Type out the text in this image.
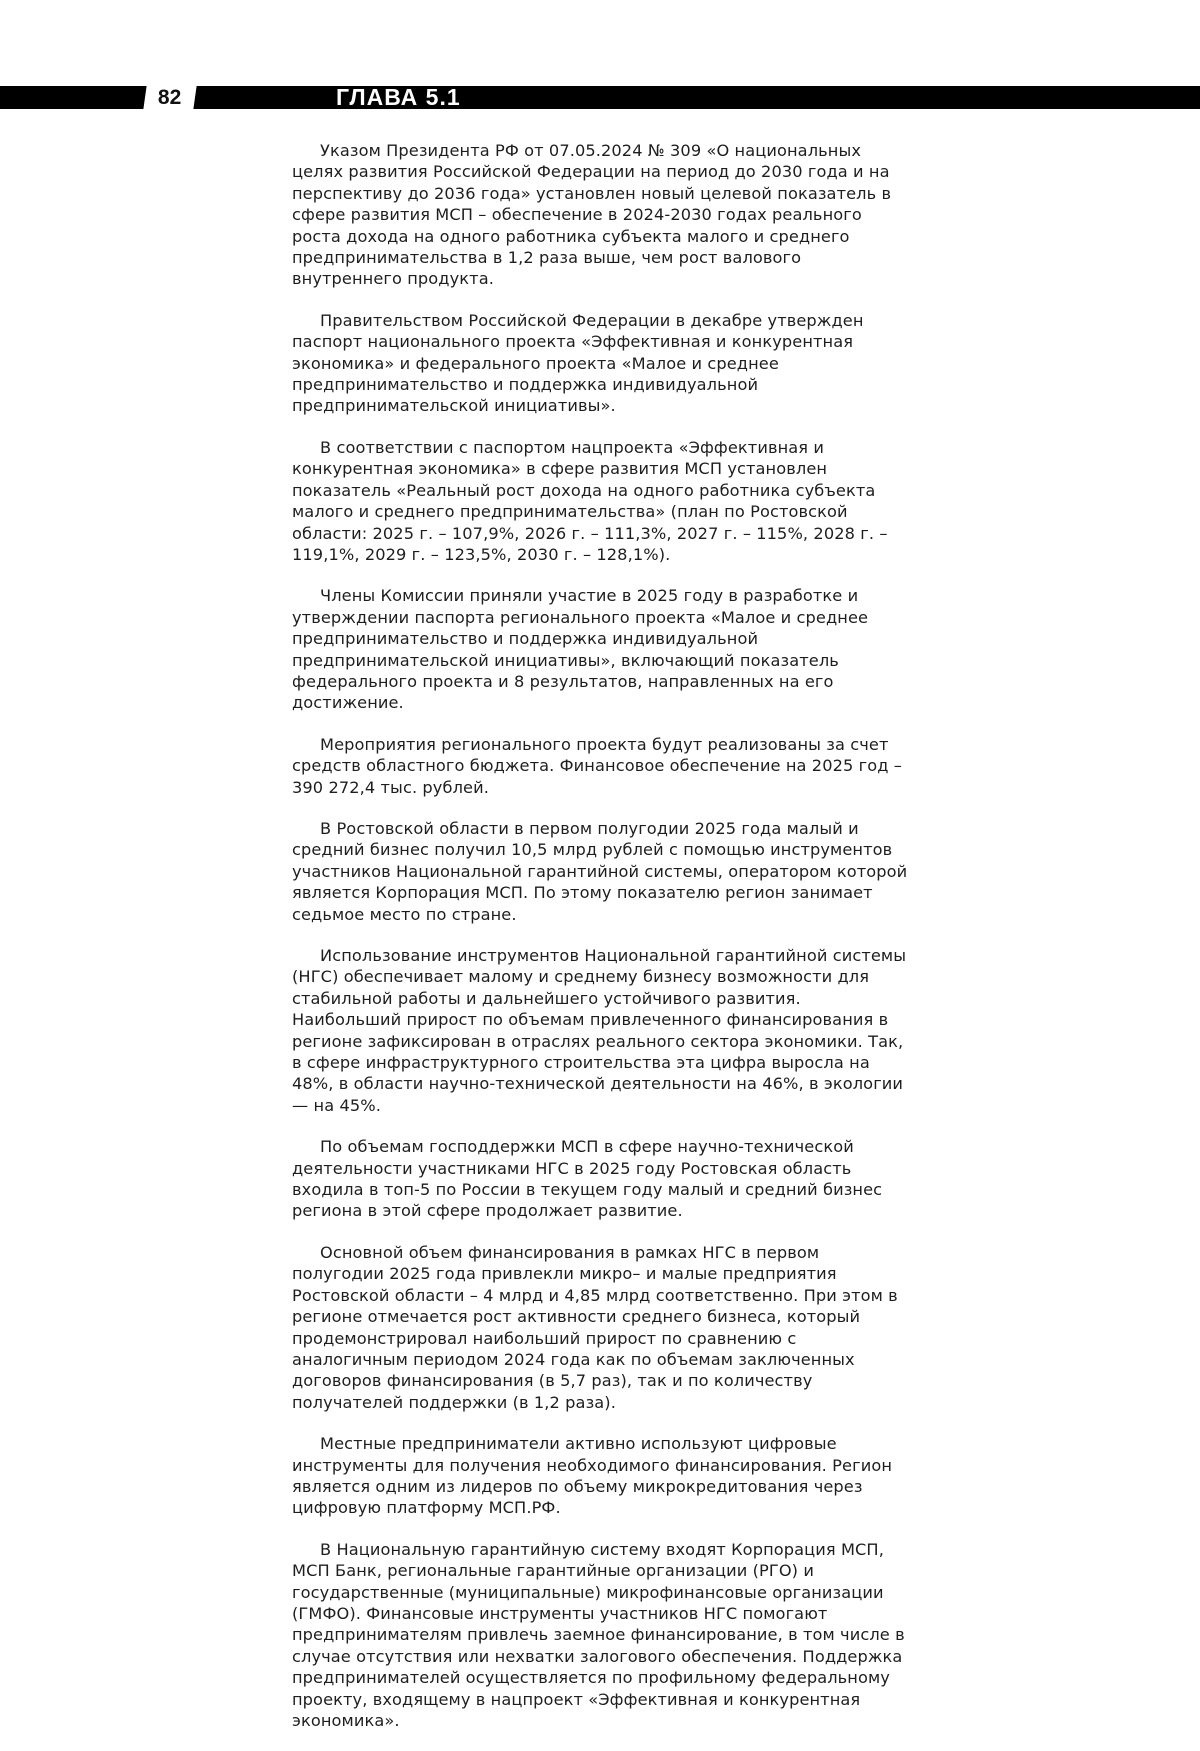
82	ГЛАВА 5.1

Указом Президента РФ от 07.05.2024 № 309 «О национальных целях развития Российской Федерации на период до 2030 года и на перспективу до 2036 года» установлен новый целевой показатель в сфере развития МСП – обеспечение в 2024-2030 годах реального роста дохода на одного работника субъекта малого и среднего предпринимательства в 1,2 раза выше, чем рост валового внутреннего продукта.

Правительством Российской Федерации в декабре утвержден паспорт национального проекта «Эффективная и конкурентная экономика» и федерального проекта «Малое и среднее предпринимательство и поддержка индивидуальной предпринимательской инициативы».

В соответствии с паспортом нацпроекта «Эффективная и конкурентная экономика» в сфере развития МСП установлен показатель «Реальный рост дохода на одного работника субъекта малого и среднего предпринимательства» (план по Ростовской области: 2025 г. – 107,9%, 2026 г. – 111,3%, 2027 г. – 115%, 2028 г. – 119,1%, 2029 г. – 123,5%, 2030 г. – 128,1%).

Члены Комиссии приняли участие в 2025 году в разработке и утверждении паспорта регионального проекта «Малое и среднее предпринимательство и поддержка индивидуальной предпринимательской инициативы», включающий показатель федерального проекта и 8 результатов, направленных на его достижение.

Мероприятия регионального проекта будут реализованы за счет средств областного бюджета. Финансовое обеспечение на 2025 год – 390 272,4 тыс. рублей.

В Ростовской области в первом полугодии 2025 года малый и средний бизнес получил 10,5 млрд рублей с помощью инструментов участников Национальной гарантийной системы, оператором которой является Корпорация МСП. По этому показателю регион занимает седьмое место по стране.

Использование инструментов Национальной гарантийной системы (НГС) обеспечивает малому и среднему бизнесу возможности для стабильной работы и дальнейшего устойчивого развития. Наибольший прирост по объемам привлеченного финансирования в регионе зафиксирован в отраслях реального сектора экономики. Так, в сфере инфраструктурного строительства эта цифра выросла на 48%, в области научно-технической деятельности на 46%, в экологии — на 45%.

По объемам господдержки МСП в сфере научно-технической деятельности участниками НГС в 2025 году Ростовская область входила в топ-5 по России в текущем году малый и средний бизнес региона в этой сфере продолжает развитие.

Основной объем финансирования в рамках НГС в первом полугодии 2025 года привлекли микро– и малые предприятия Ростовской области – 4 млрд и 4,85 млрд соответственно. При этом в регионе отмечается рост активности среднего бизнеса, который продемонстрировал наибольший прирост по сравнению с аналогичным периодом 2024 года как по объемам заключенных договоров финансирования (в 5,7 раз), так и по количеству получателей поддержки (в 1,2 раза).

Местные предприниматели активно используют цифровые инструменты для получения необходимого финансирования. Регион является одним из лидеров по объему микрокредитования через цифровую платформу МСП.РФ.

В Национальную гарантийную систему входят Корпорация МСП, МСП Банк, региональные гарантийные организации (РГО) и государственные (муниципальные) микрофинансовые организации (ГМФО). Финансовые инструменты участников НГС помогают предпринимателям привлечь заемное финансирование, в том числе в случае отсутствия или нехватки залогового обеспечения. Поддержка предпринимателей осуществляется по профильному федеральному проекту, входящему в нацпроект «Эффективная и конкурентная экономика».
